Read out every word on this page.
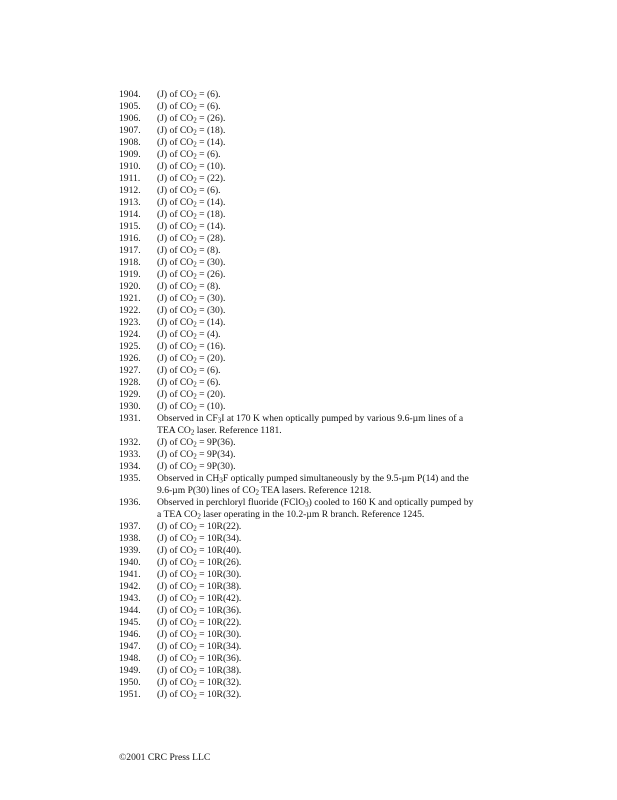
1904.	(J) of $CO_2 = (6)$.
1905.	(J) of $CO_2 = (6)$.
1906.	(J) of $CO_2 = (26)$.
1907.	(J) of $CO_2 = (18)$.
1908.	(J) of $CO_2 = (14)$.
1909.	(J) of $CO_2 = (6)$.
1910.	(J) of $CO_2 = (10)$.
1911.	(J) of $CO_2 = (22)$.
1912.	(J) of $CO_2 = (6)$.
1913.	(J) of $CO_2 = (14)$.
1914.	(J) of $CO_2 = (18)$.
1915.	(J) of $CO_2 = (14)$.
1916.	(J) of $CO_2 = (28)$.
1917.	(J) of $CO_2 = (8)$.
1918.	(J) of $CO_2 = (30)$.
1919.	(J) of $CO_2 = (26)$.
1920.	(J) of $CO_2 = (8)$.
1921.	(J) of $CO_2 = (30)$.
1922.	(J) of $CO_2 = (30)$.
1923.	(J) of $CO_2 = (14)$.
1924.	(J) of $CO_2 = (4)$.
1925.	(J) of $CO_2 = (16)$.
1926.	(J) of $CO_2 = (20)$.
1927.	(J) of $CO_2 = (6)$.
1928.	(J) of $CO_2 = (6)$.
1929.	(J) of $CO_2 = (20)$.
1930.	(J) of $CO_2 = (10)$.
1931.	Observed in $CF_3I$ at 170 K when optically pumped by various 9.6-µm lines of a
TEA $CO_2$ laser. Reference 1181.
1932.	(J) of $CO_2 = 9P(36)$.
1933.	(J) of $CO_2 = 9P(34)$.
1934.	(J) of $CO_2 = 9P(30)$.
1935.	Observed in $CH_3F$ optically pumped simultaneously by the 9.5-µm P(14) and the
9.6-µm P(30) lines of $CO_2$ TEA lasers. Reference 1218.
1936.	Observed in perchloryl fluoride (FClO$_3$) cooled to 160 K and optically pumped by
a TEA $CO_2$ laser operating in the 10.2-µm R branch. Reference 1245.
1937.	(J) of $CO_2 = 10R(22)$.
1938.	(J) of $CO_2 = 10R(34)$.
1939.	(J) of $CO_2 = 10R(40)$.
1940.	(J) of $CO_2 = 10R(26)$.
1941.	(J) of $CO_2 = 10R(30)$.
1942.	(J) of $CO_2 = 10R(38)$.
1943.	(J) of $CO_2 = 10R(42)$.
1944.	(J) of $CO_2 = 10R(36)$.
1945.	(J) of $CO_2 = 10R(22)$.
1946.	(J) of $CO_2 = 10R(30)$.
1947.	(J) of $CO_2 = 10R(34)$.
1948.	(J) of $CO_2 = 10R(36)$.
1949.	(J) of $CO_2 = 10R(38)$.
1950.	(J) of $CO_2 = 10R(32)$.
1951.	(J) of $CO_2 = 10R(32)$.
©2001 CRC Press LLC
